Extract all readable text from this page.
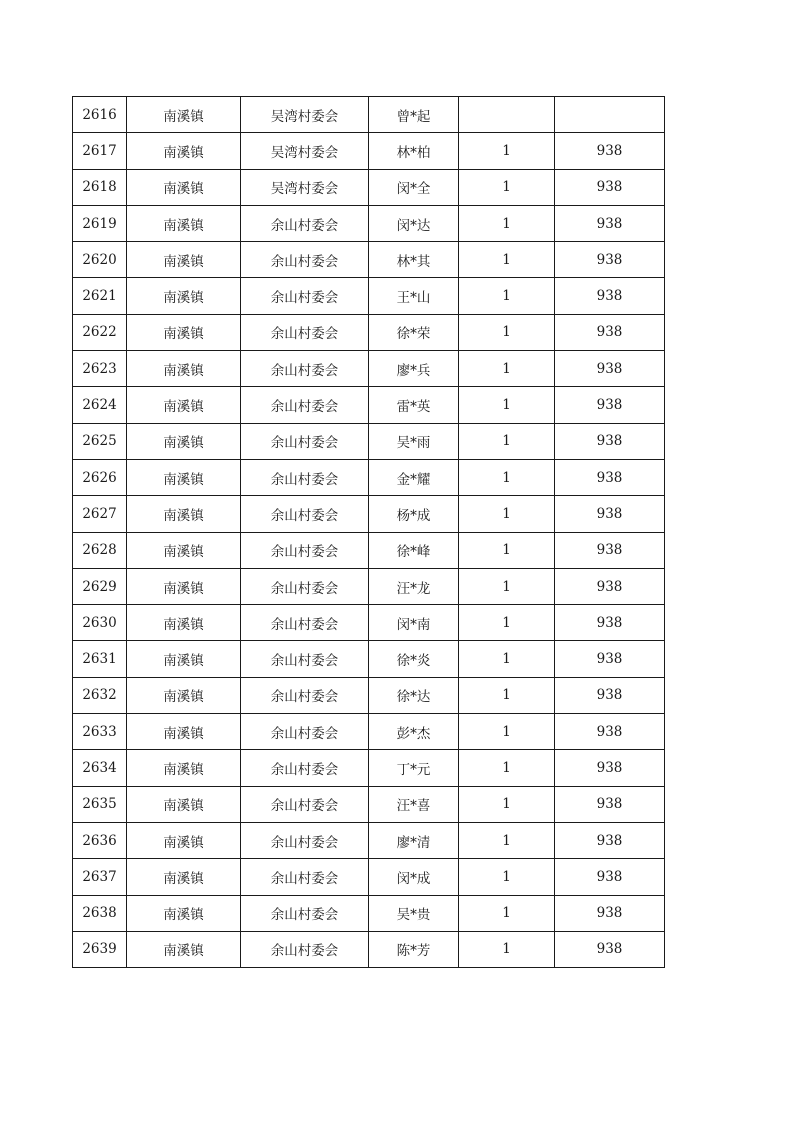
2616	南溪镇	吴湾村委会	曾*起		
2617	南溪镇	吴湾村委会	林*柏	1	938
2618	南溪镇	吴湾村委会	闵*全	1	938
2619	南溪镇	余山村委会	闵*达	1	938
2620	南溪镇	余山村委会	林*其	1	938
2621	南溪镇	余山村委会	王*山	1	938
2622	南溪镇	余山村委会	徐*荣	1	938
2623	南溪镇	余山村委会	廖*兵	1	938
2624	南溪镇	余山村委会	雷*英	1	938
2625	南溪镇	余山村委会	吴*雨	1	938
2626	南溪镇	余山村委会	金*耀	1	938
2627	南溪镇	余山村委会	杨*成	1	938
2628	南溪镇	余山村委会	徐*峰	1	938
2629	南溪镇	余山村委会	汪*龙	1	938
2630	南溪镇	余山村委会	闵*南	1	938
2631	南溪镇	余山村委会	徐*炎	1	938
2632	南溪镇	余山村委会	徐*达	1	938
2633	南溪镇	余山村委会	彭*杰	1	938
2634	南溪镇	余山村委会	丁*元	1	938
2635	南溪镇	余山村委会	汪*喜	1	938
2636	南溪镇	余山村委会	廖*清	1	938
2637	南溪镇	余山村委会	闵*成	1	938
2638	南溪镇	余山村委会	吴*贵	1	938
2639	南溪镇	余山村委会	陈*芳	1	938
